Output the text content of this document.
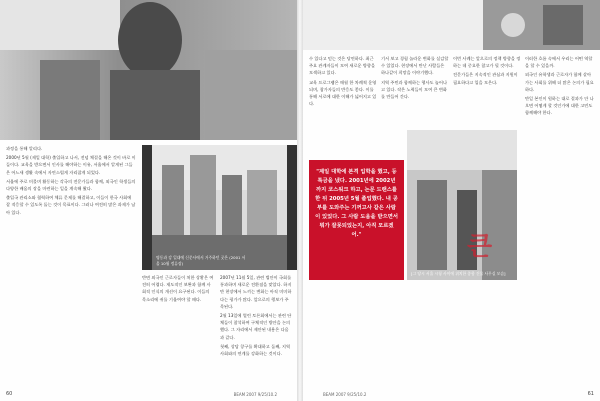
과정을 통해 알리다.

2000년 5월 (제일 대학) 출입하고 나서, 전념 체결을 해온 것이 바로 이들이다. 교육을 받으면서 인사를 해야하는 이유, 서울에서 알게된 그들은 어느새 생활 속에서 자연스럽게 자리잡게 되었다.

서울에 주로 머물며 활동하는 각국의 전문가들과 함께, 외국인 학생들의 다양한 배움의 장을 마련하는 일을 계속해 왔다.

출입국 관리소와 협력하여 체류 문제를 해결하고, 이들이 한국 사회에 잘 적응할 수 있도록 돕는 것이 목표이다. 그러나 여전히 많은 과제가 남아 있다.

명동과 강 일대에 신문사에서 거주하던 곳은 (2001 서울 10월 정류장)

반면 외국인 근로자들이 처한 상황은 여전히 어렵다. 제도적인 보완과 함께 사회적 인식의 개선이 요구된다. 이들의 목소리에 귀를 기울여야 할 때다.

2007년 11월 5일, 관련 법안이 국회를 통과하며 새로운 전환점을 맞았다. 하지만 현장에서 느끼는 변화는 아직 미미하다는 평가가 많다. 앞으로의 행보가 주목된다.

2월 13일에 열린 토론회에서는 관련 단체들이 참석하여 구체적인 방안을 논의했다. 그 자리에서 제안된 내용은 다음과 같다.

첫째, 상담 창구를 확대하고 둘째, 지역 사회와의 연계를 강화하는 것이다.

60	BEAM 2007 9/25/10.2

수 있다고 믿는 것은 당연하다. 최근 주요 관계자들이 모여 새로운 방향을 모색하고 있다.

교육 프로그램은 매월 한 차례씩 운영되며, 참가자들의 반응도 좋다. 이를 통해 서로에 대한 이해가 넓어지고 있다.

기서 보고 경험 놀라운 변화를 실감할 수 있었다. 현장에서 만난 사람들은 하나같이 희망을 이야기했다.

지역 주민과 함께하는 행사도 늘어나고 있다. 작은 노력들이 모여 큰 변화를 만들어 간다.

"제일 대학에 본격 입학을 했고, 등록금을 냈다. 2001년에 2002년까지 코스워크 하고, 논문 드랜스를 한 뒤 2005년 5월 졸업했다. 내 공부를 도와주는 기꺼고사 같은 사람이 있었다. 그 사람 도움을 받으면서 뭐가 잘못되었는지, 아직 모르겠어."	큰
[그 당시 서울 시청 사이에 위치한 종합 건물 사무실 모습]

이번 사례는 앞으로의 정책 방향을 정하는 데 중요한 참고가 될 것이다.

전문가들은 지속적인 관심과 지원이 필요하다고 입을 모은다.

이러한 흐름 속에서 우리는 어떤 역할을 할 수 있을까.

외국인 유학생과 근로자가 함께 살아가는 사회를 위해 더 많은 논의가 필요하다.

만일 본인이 원하는 대로 결과가 안 나오면 어떻게 할 것인가에 대한 고민도 함께해야 한다.

61
BEAM 2007 9/25/10.2
